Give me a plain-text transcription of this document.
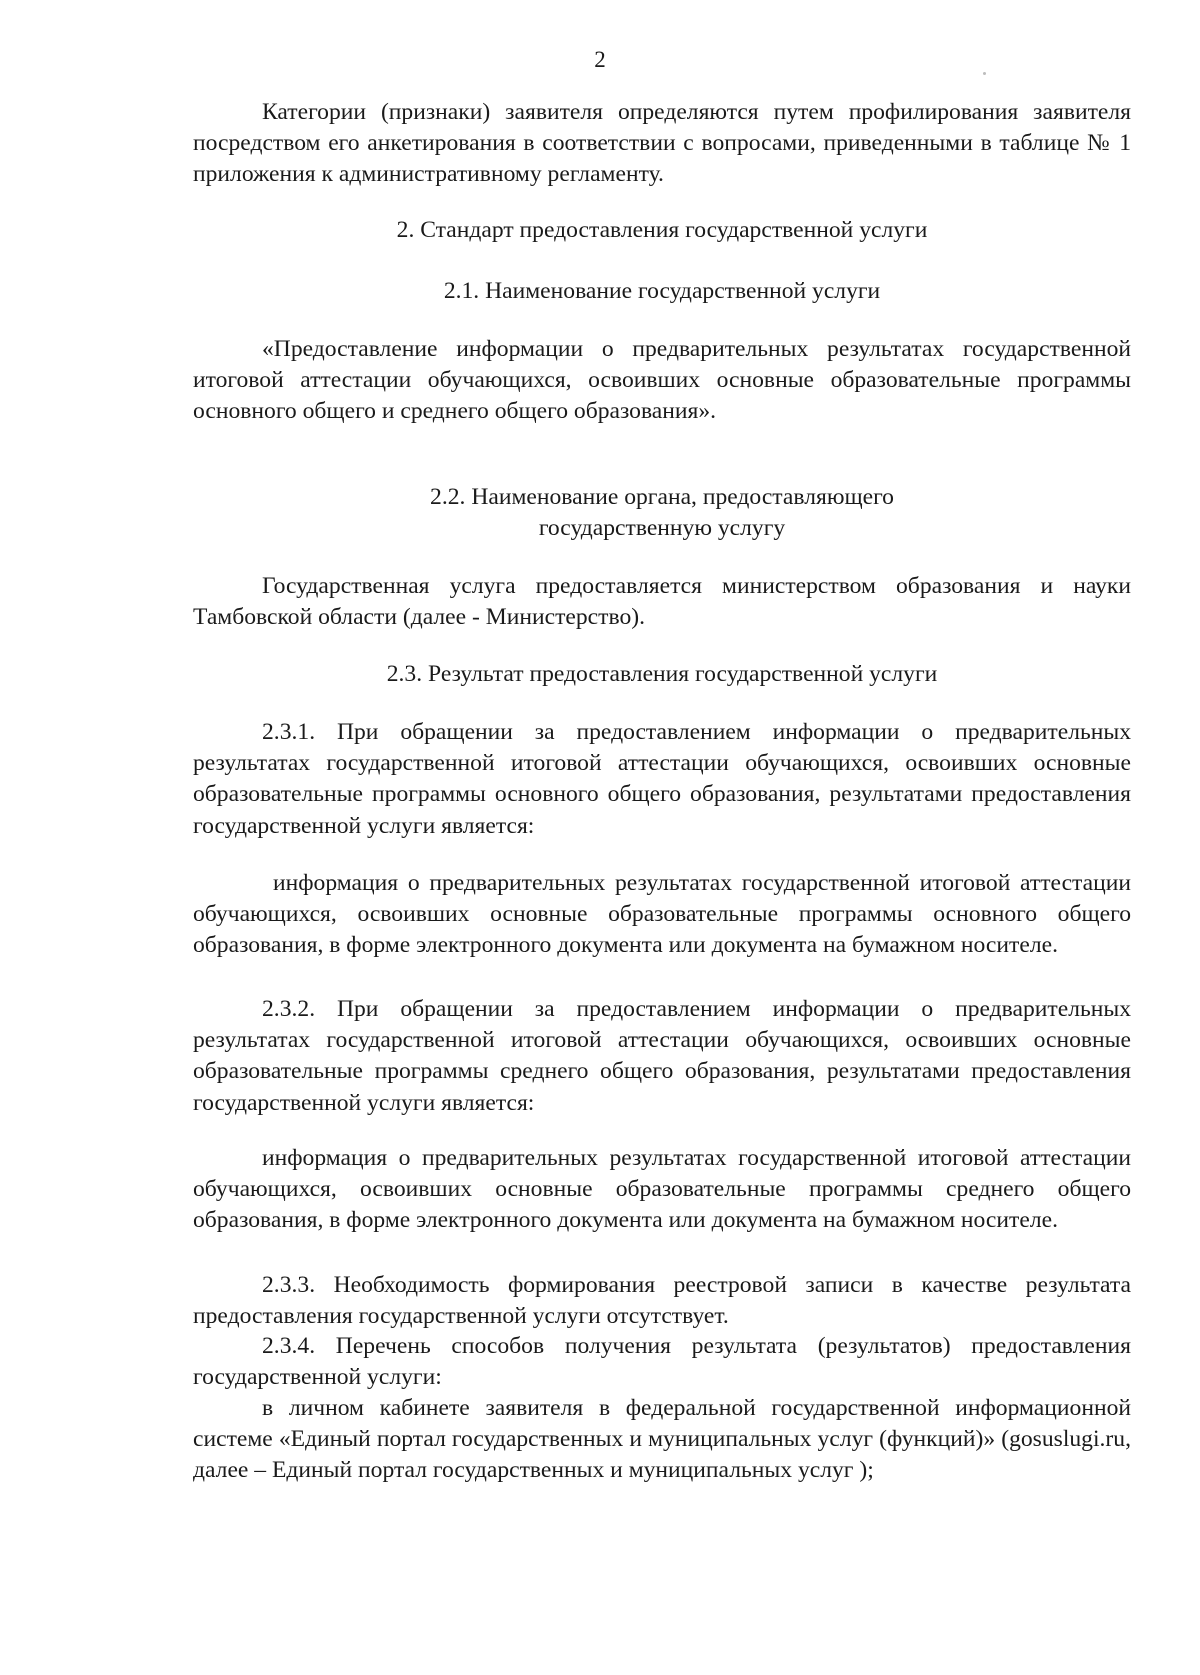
2

Категории (признаки) заявителя определяются путем профилирования заявителя посредством его анкетирования в соответствии с вопросами, приведенными в таблице № 1 приложения к административному регламенту.

2. Стандарт предоставления государственной услуги

2.1. Наименование государственной услуги

«Предоставление информации о предварительных результатах государственной итоговой аттестации обучающихся, освоивших основные образовательные программы основного общего и среднего общего образования».

2.2. Наименование органа, предоставляющего

государственную услугу

Государственная услуга предоставляется министерством образования и науки Тамбовской области (далее - Министерство).

2.3. Результат предоставления государственной услуги

2.3.1. При обращении за предоставлением информации о предварительных результатах государственной итоговой аттестации обучающихся, освоивших основные образовательные программы основного общего образования, результатами предоставления государственной услуги является:

информация о предварительных результатах государственной итоговой аттестации обучающихся, освоивших основные образовательные программы основного общего образования, в форме электронного документа или документа на бумажном носителе.

2.3.2. При обращении за предоставлением информации о предварительных результатах государственной итоговой аттестации обучающихся, освоивших основные образовательные программы среднего общего образования, результатами предоставления государственной услуги является:

информация о предварительных результатах государственной итоговой аттестации обучающихся, освоивших основные образовательные программы среднего общего образования, в форме электронного документа или документа на бумажном носителе.

2.3.3. Необходимость формирования реестровой записи в качестве результата предоставления государственной услуги отсутствует.

2.3.4. Перечень способов получения результата (результатов) предоставления государственной услуги:

в личном кабинете заявителя в федеральной государственной информационной системе «Единый портал государственных и муниципальных услуг (функций)» (gosuslugi.ru, далее – Единый портал государственных и муниципальных услуг );
